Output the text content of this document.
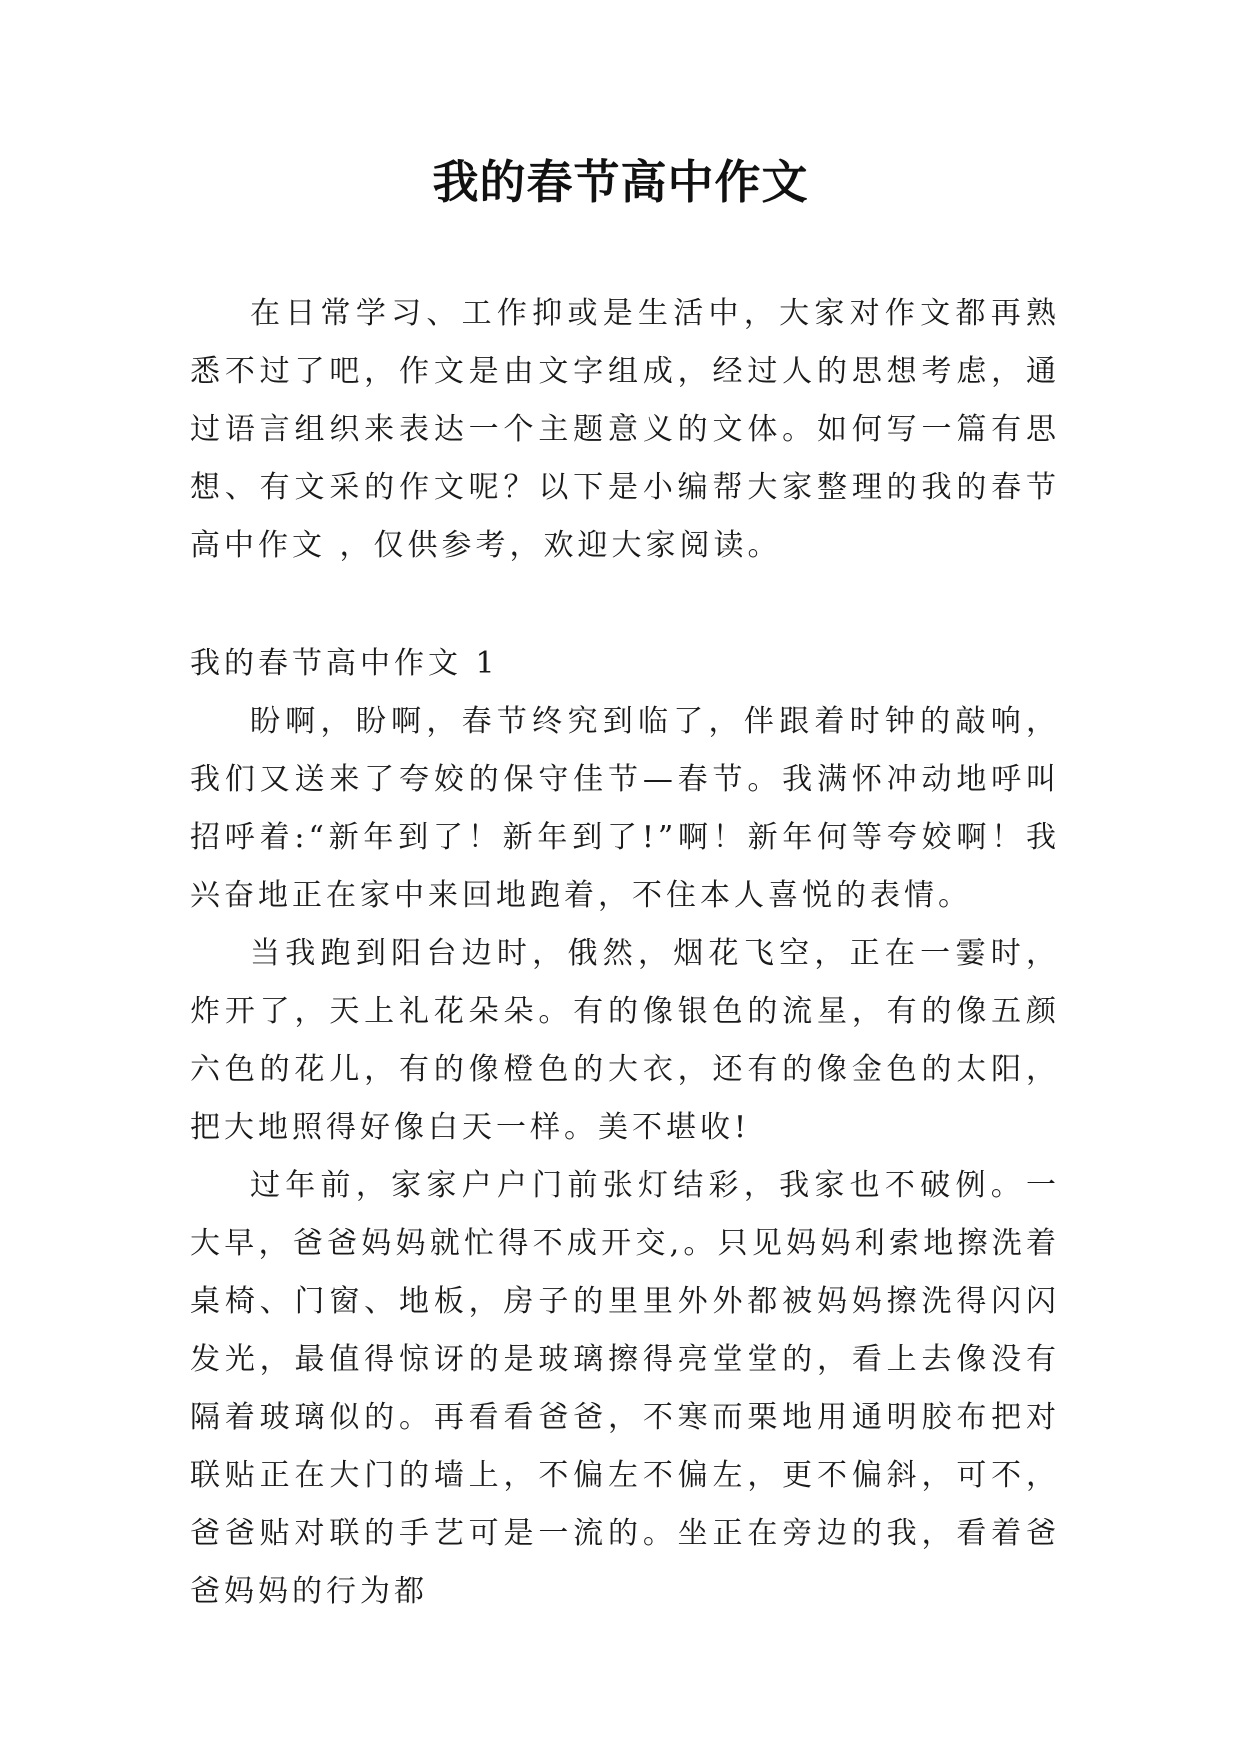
我的春节高中作文

在日常学习、工作抑或是生活中，大家对作文都再熟悉不过了吧，作文是由文字组成，经过人的思想考虑，通过语言组织来表达一个主题意义的文体。如何写一篇有思想、有文采的作文呢？以下是小编帮大家整理的我的春节高中作文 ，仅供参考，欢迎大家阅读。

我的春节高中作文 1

盼啊，盼啊，春节终究到临了，伴跟着时钟的敲响，我们又送来了夸姣的保守佳节—春节。我满怀冲动地呼叫招呼着:“新年到了！新年到了!”啊！新年何等夸姣啊！我兴奋地正在家中来回地跑着，不住本人喜悦的表情。

当我跑到阳台边时，俄然，烟花飞空，正在一霎时，炸开了，天上礼花朵朵。有的像银色的流星，有的像五颜六色的花儿，有的像橙色的大衣，还有的像金色的太阳，把大地照得好像白天一样。美不堪收!

过年前，家家户户门前张灯结彩，我家也不破例。一大早，爸爸妈妈就忙得不成开交,。只见妈妈利索地擦洗着桌椅、门窗、地板，房子的里里外外都被妈妈擦洗得闪闪发光，最值得惊讶的是玻璃擦得亮堂堂的，看上去像没有隔着玻璃似的。再看看爸爸，不寒而栗地用通明胶布把对联贴正在大门的墙上，不偏左不偏左，更不偏斜，可不，爸爸贴对联的手艺可是一流的。坐正在旁边的我，看着爸爸妈妈的行为都
